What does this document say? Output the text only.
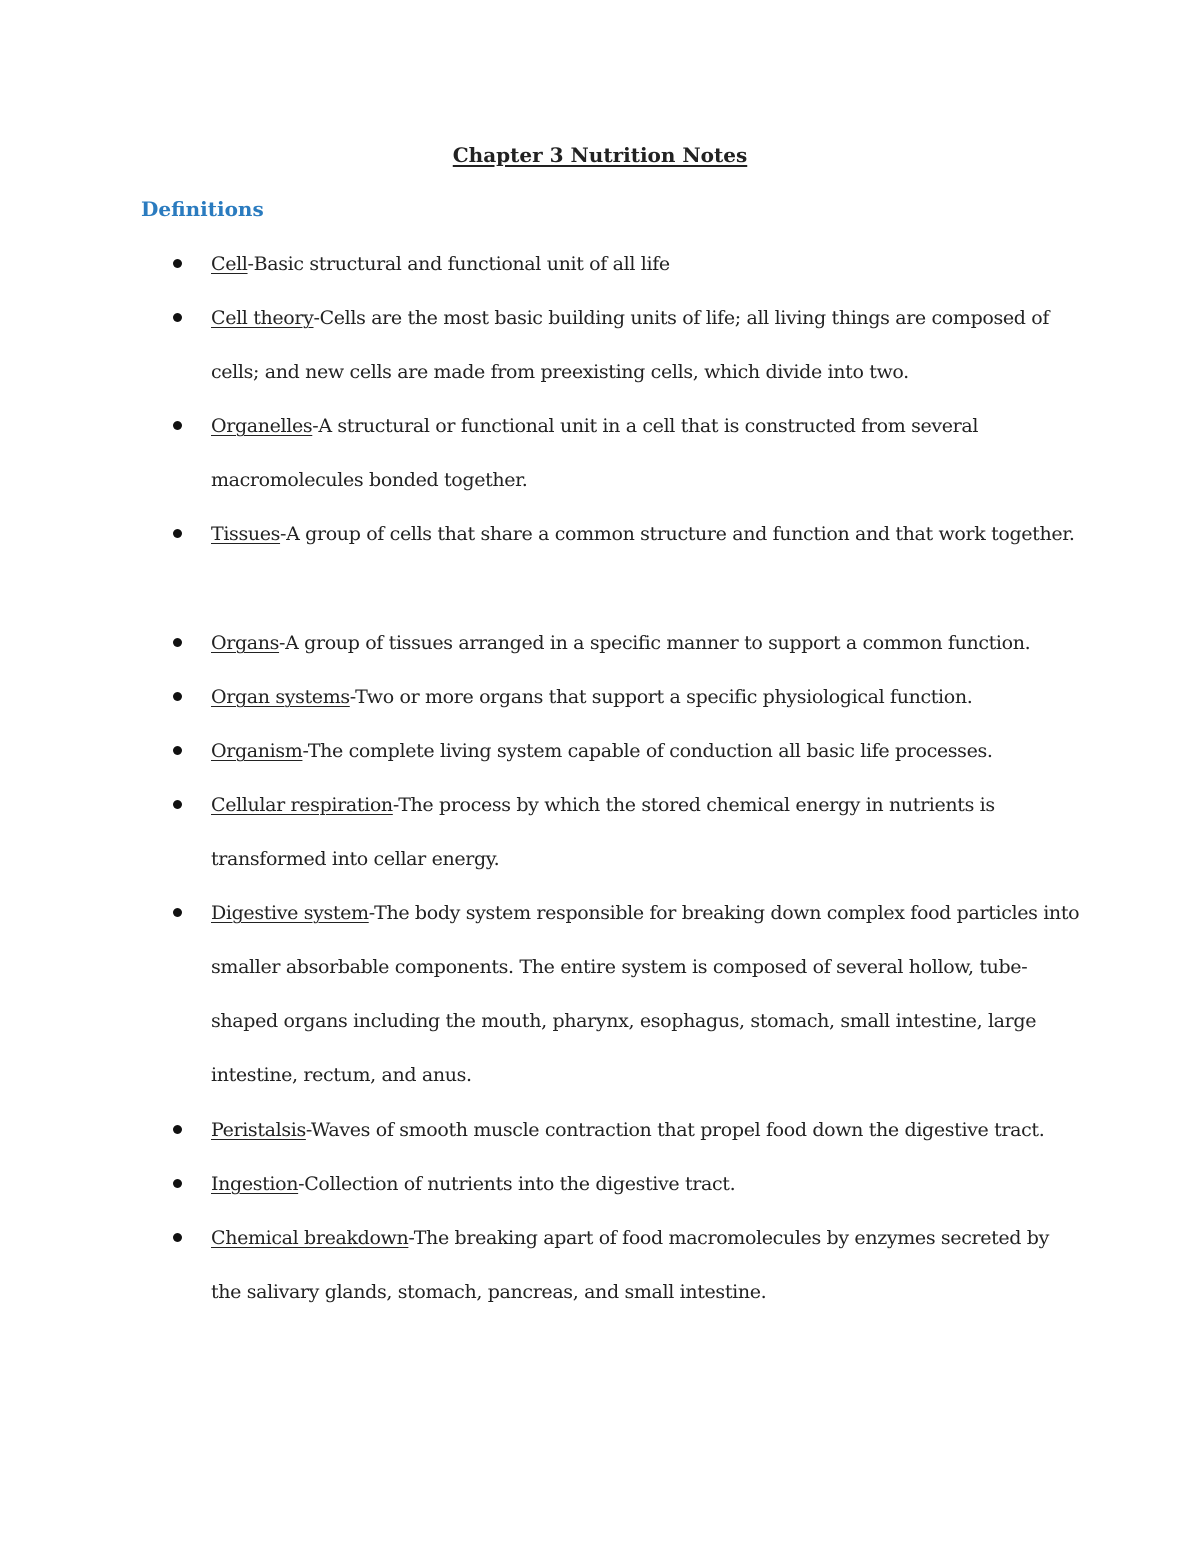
Chapter 3 Nutrition Notes
Definitions
Cell-Basic structural and functional unit of all life
Cell theory-Cells are the most basic building units of life; all living things are composed of cells; and new cells are made from preexisting cells, which divide into two.
Organelles-A structural or functional unit in a cell that is constructed from several macromolecules bonded together.
Tissues-A group of cells that share a common structure and function and that work together.
Organs-A group of tissues arranged in a specific manner to support a common function.
Organ systems-Two or more organs that support a specific physiological function.
Organism-The complete living system capable of conduction all basic life processes.
Cellular respiration-The process by which the stored chemical energy in nutrients is transformed into cellar energy.
Digestive system-The body system responsible for breaking down complex food particles into smaller absorbable components. The entire system is composed of several hollow, tube-shaped organs including the mouth, pharynx, esophagus, stomach, small intestine, large intestine, rectum, and anus.
Peristalsis-Waves of smooth muscle contraction that propel food down the digestive tract.
Ingestion-Collection of nutrients into the digestive tract.
Chemical breakdown-The breaking apart of food macromolecules by enzymes secreted by the salivary glands, stomach, pancreas, and small intestine.
